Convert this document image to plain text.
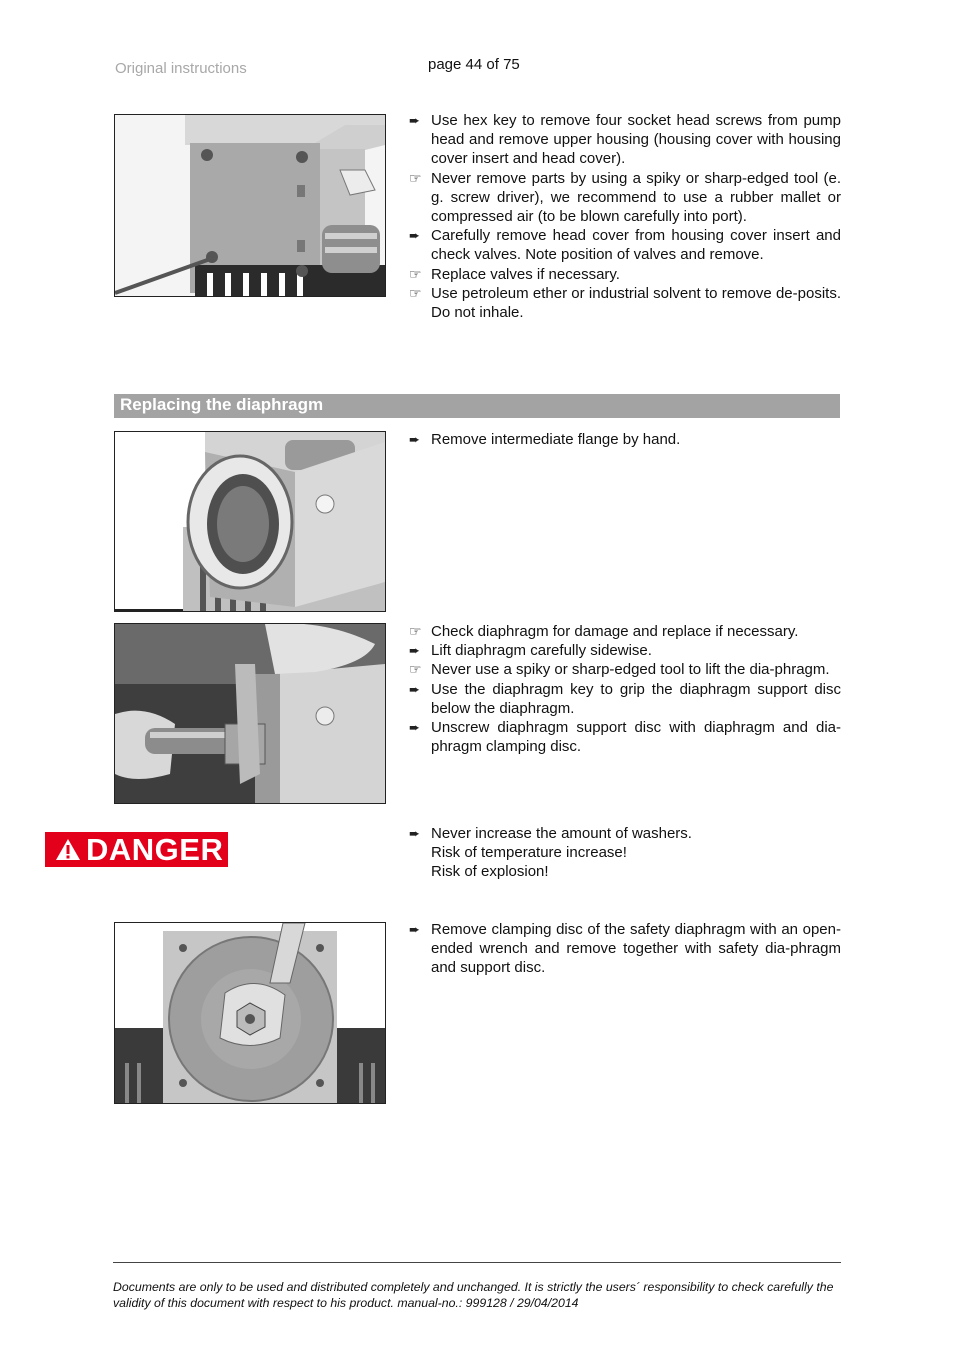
Original instructions	page 44 of 75
➨ Use hex key to remove four socket head screws from pump head and remove upper housing (housing cover with housing cover insert and head cover).
☞ Never remove parts by using a spiky or sharp-edged tool (e. g. screw driver), we recommend to use a rubber mallet or compressed air (to be blown carefully into port).
➨ Carefully remove head cover from housing cover insert and check valves. Note position of valves and remove.
☞ Replace valves if necessary.
☞ Use petroleum ether or industrial solvent to remove de-posits. Do not inhale.
Replacing the diaphragm
➨ Remove intermediate flange by hand.
☞ Check diaphragm for damage and replace if necessary.
➨ Lift diaphragm carefully sidewise.
☞ Never use a spiky or sharp-edged tool to lift the dia-phragm.
➨ Use the diaphragm key to grip the diaphragm support disc below the diaphragm.
➨ Unscrew diaphragm support disc with diaphragm and dia-phragm clamping disc.
DANGER	➨ Never increase the amount of washers.
Risk of temperature increase!
Risk of explosion!
➨ Remove clamping disc of the safety diaphragm with an open-ended wrench and remove together with safety dia-phragm and support disc.
Documents are only to be used and distributed completely and unchanged. It is strictly the users´ responsibility to check carefully the validity of this document with respect to his product. manual-no.: 999128 / 29/04/2014
